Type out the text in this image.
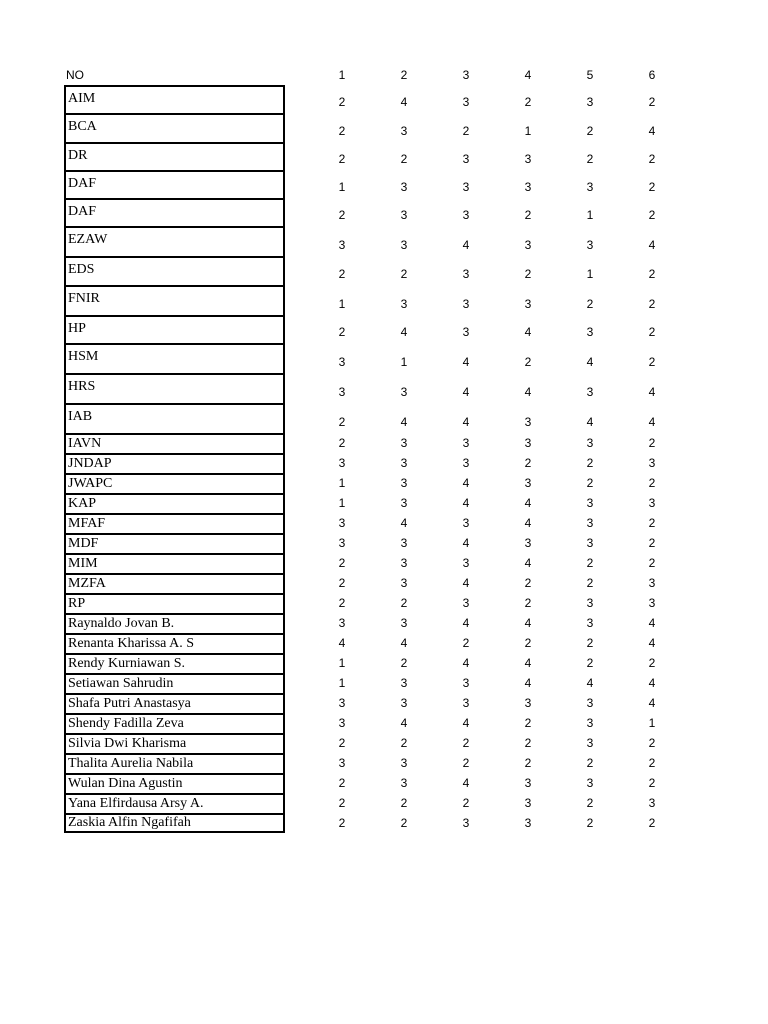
NO	1	2	3	4	5	6
AIM	2	4	3	2	3	2
BCA	2	3	2	1	2	4
DR	2	2	3	3	2	2
DAF	1	3	3	3	3	2
DAF	2	3	3	2	1	2
EZAW	3	3	4	3	3	4
EDS	2	2	3	2	1	2
FNIR	1	3	3	3	2	2
HP	2	4	3	4	3	2
HSM	3	1	4	2	4	2
HRS	3	3	4	4	3	4
IAB	2	4	4	3	4	4
IAVN	2	3	3	3	3	2
JNDAP	3	3	3	2	2	3
JWAPC	1	3	4	3	2	2
KAP	1	3	4	4	3	3
MFAF	3	4	3	4	3	2
MDF	3	3	4	3	3	2
MIM	2	3	3	4	2	2
MZFA	2	3	4	2	2	3
RP	2	2	3	2	3	3
Raynaldo Jovan B.	3	3	4	4	3	4
Renanta Kharissa A. S	4	4	2	2	2	4
Rendy Kurniawan S.	1	2	4	4	2	2
Setiawan Sahrudin	1	3	3	4	4	4
Shafa Putri Anastasya	3	3	3	3	3	4
Shendy Fadilla Zeva	3	4	4	2	3	1
Silvia Dwi Kharisma	2	2	2	2	3	2
Thalita Aurelia Nabila	3	3	2	2	2	2
Wulan Dina Agustin	2	3	4	3	3	2
Yana Elfirdausa Arsy A.	2	2	2	3	2	3
Zaskia Alfin Ngafifah	2	2	3	3	2	2
